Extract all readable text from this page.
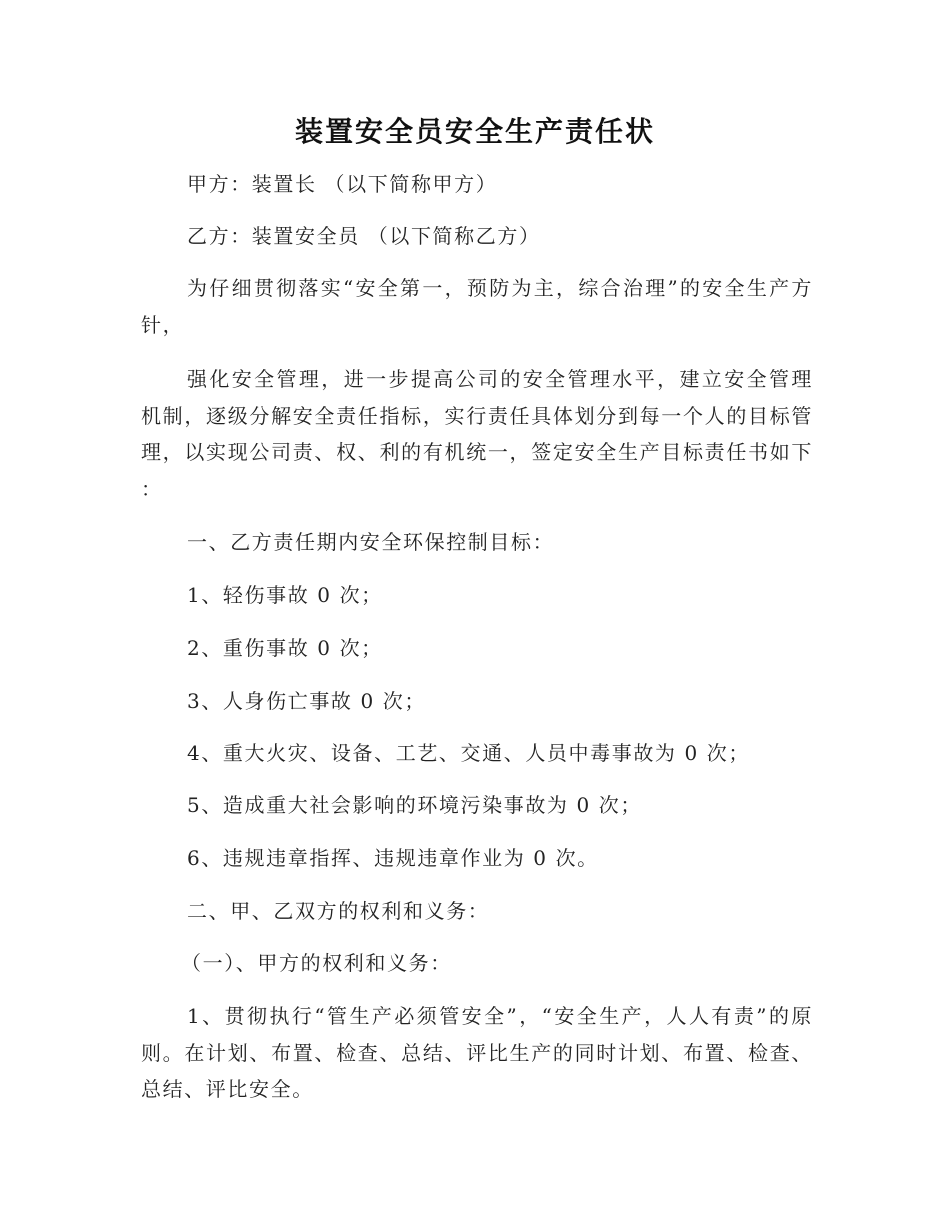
装置安全员安全生产责任状

甲方：装置长 （以下简称甲方）

乙方：装置安全员 （以下简称乙方）

为仔细贯彻落实“安全第一，预防为主，综合治理”的安全生产方针，

强化安全管理，进一步提高公司的安全管理水平，建立安全管理机制，逐级分解安全责任指标，实行责任具体划分到每一个人的目标管理，以实现公司责、权、利的有机统一，签定安全生产目标责任书如下 ：

一、乙方责任期内安全环保控制目标：

1、轻伤事故 0 次；

2、重伤事故 0 次；

3、人身伤亡事故 0 次；

4、重大火灾、设备、工艺、交通、人员中毒事故为 0 次；

5、造成重大社会影响的环境污染事故为 0 次；

6、违规违章指挥、违规违章作业为 0 次。

二、甲、乙双方的权利和义务：

（一）、甲方的权利和义务：

1、贯彻执行“管生产必须管安全”，“安全生产，人人有责”的原则。在计划、布置、检查、总结、评比生产的同时计划、布置、检查、总结、评比安全。
